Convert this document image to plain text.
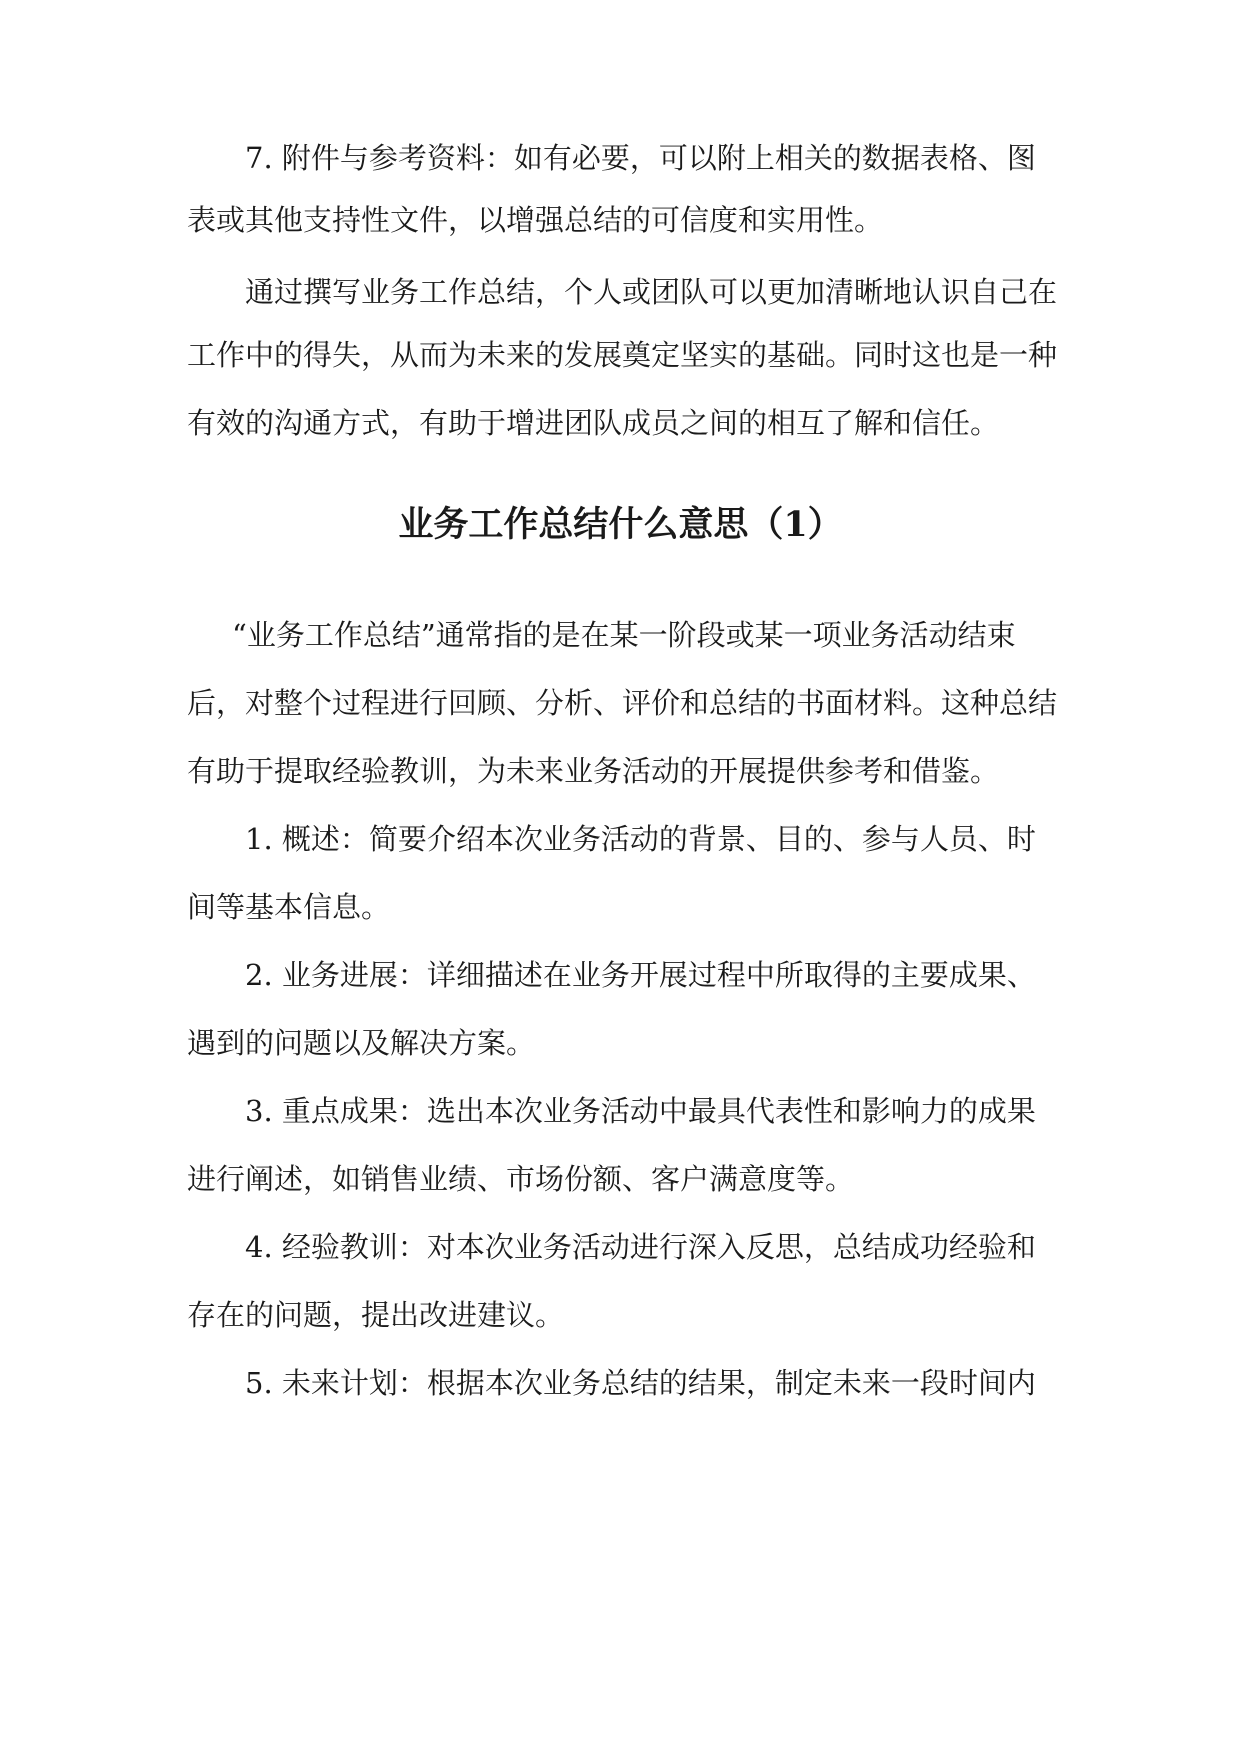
7. 附件与参考资料：如有必要，可以附上相关的数据表格、图
表或其他支持性文件，以增强总结的可信度和实用性。
通过撰写业务工作总结，个人或团队可以更加清晰地认识自己在
工作中的得失，从而为未来的发展奠定坚实的基础。同时这也是一种
有效的沟通方式，有助于增进团队成员之间的相互了解和信任。
业务工作总结什么意思（1）
“业务工作总结”通常指的是在某一阶段或某一项业务活动结束
后，对整个过程进行回顾、分析、评价和总结的书面材料。这种总结
有助于提取经验教训，为未来业务活动的开展提供参考和借鉴。
1. 概述：简要介绍本次业务活动的背景、目的、参与人员、时
间等基本信息。
2. 业务进展：详细描述在业务开展过程中所取得的主要成果、
遇到的问题以及解决方案。
3. 重点成果：选出本次业务活动中最具代表性和影响力的成果
进行阐述，如销售业绩、市场份额、客户满意度等。
4. 经验教训：对本次业务活动进行深入反思，总结成功经验和
存在的问题，提出改进建议。
5. 未来计划：根据本次业务总结的结果，制定未来一段时间内
